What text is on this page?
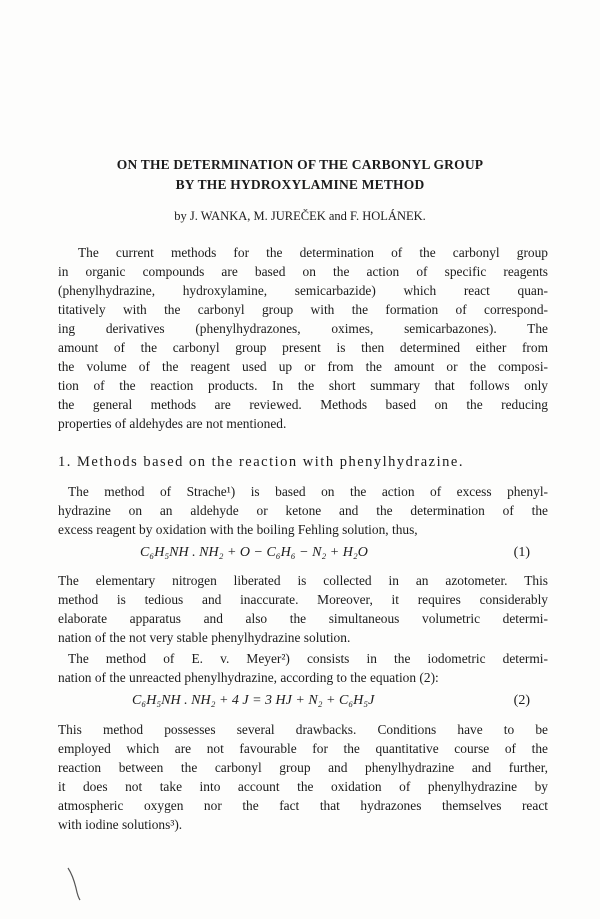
ON THE DETERMINATION OF THE CARBONYL GROUP

BY THE HYDROXYLAMINE METHOD

by J. WANKA, M. JUREČEK and F. HOLÁNEK.

The current methods for the determination of the carbonyl group

in organic compounds are based on the action of specific reagents

(phenylhydrazine, hydroxylamine, semicarbazide) which react quan-

titatively with the carbonyl group with the formation of correspond-

ing derivatives (phenylhydrazones, oximes, semicarbazones). The

amount of the carbonyl group present is then determined either from

the volume of the reagent used up or from the amount or the composi-

tion of the reaction products. In the short summary that follows only

the general methods are reviewed. Methods based on the reducing

properties of aldehydes are not mentioned.

1. Methods based on the reaction with phenylhydrazine.

The method of Strache¹) is based on the action of excess phenyl-

hydrazine on an aldehyde or ketone and the determination of the

excess reagent by oxidation with the boiling Fehling solution, thus,

C₆H₅NH . NH₂ + O − C₆H₆ − N₂ + H₂O	(1)

The elementary nitrogen liberated is collected in an azotometer. This

method is tedious and inaccurate. Moreover, it requires considerably

elaborate apparatus and also the simultaneous volumetric determi-

nation of the not very stable phenylhydrazine solution.

The method of E. v. Meyer²) consists in the iodometric determi-

nation of the unreacted phenylhydrazine, according to the equation (2):

C₆H₅NH . NH₂ + 4 J = 3 HJ + N₂ + C₆H₅J	(2)

This method possesses several drawbacks. Conditions have to be

employed which are not favourable for the quantitative course of the

reaction between the carbonyl group and phenylhydrazine and further,

it does not take into account the oxidation of phenylhydrazine by

atmospheric oxygen nor the fact that hydrazones themselves react

with iodine solutions³).
